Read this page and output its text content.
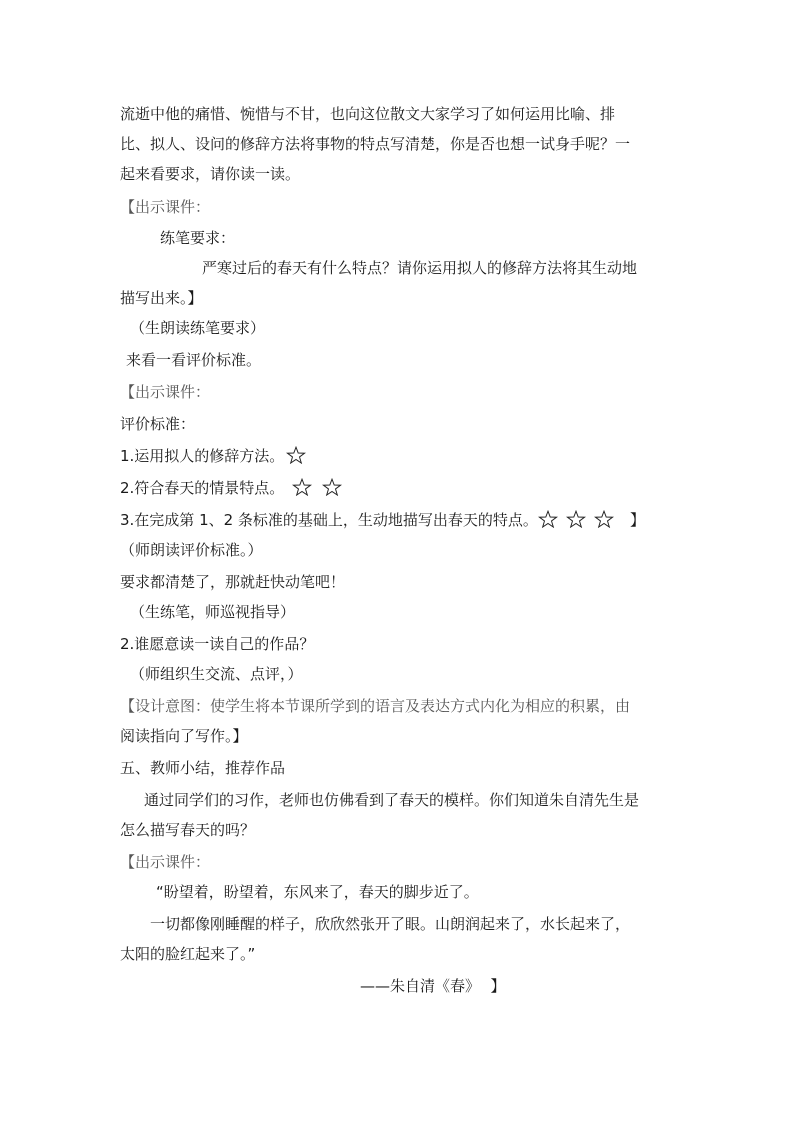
流逝中他的痛惜、惋惜与不甘，也向这位散文大家学习了如何运用比喻、排
比、拟人、设问的修辞方法将事物的特点写清楚，你是否也想一试身手呢？一
起来看要求，请你读一读。
【出示课件：
练笔要求：
严寒过后的春天有什么特点？请你运用拟人的修辞方法将其生动地
描写出来。】
（生朗读练笔要求）
来看一看评价标准。
【出示课件：
评价标准：
1.运用拟人的修辞方法。
2.符合春天的情景特点。
3.在完成第 1、2 条标准的基础上，生动地描写出春天的特点。	】
（师朗读评价标准。）
要求都清楚了，那就赶快动笔吧！
（生练笔，师巡视指导）
2.谁愿意读一读自己的作品？
（师组织生交流、点评，）
【设计意图：使学生将本节课所学到的语言及表达方式内化为相应的积累，由
阅读指向了写作。】
五、教师小结，推荐作品
通过同学们的习作，老师也仿佛看到了春天的模样。你们知道朱自清先生是
怎么描写春天的吗？
【出示课件：
“盼望着，盼望着，东风来了，春天的脚步近了。
一切都像刚睡醒的样子，欣欣然张开了眼。山朗润起来了，水长起来了，
太阳的脸红起来了。”
——朱自清《春》 】
